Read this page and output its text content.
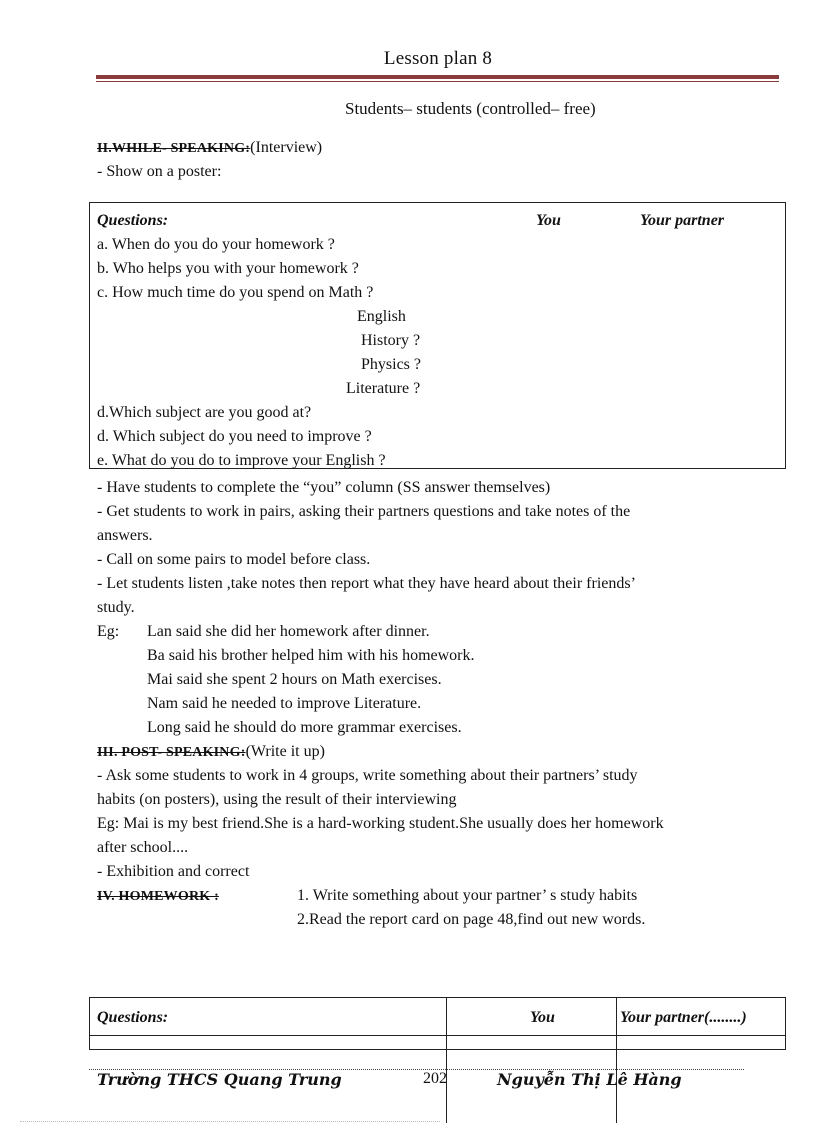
Lesson plan 8
Students– students (controlled– free)
II.WHILE- SPEAKING:(Interview)
- Show on a poster:
Questions:	You	Your partner
a. When do you do your homework ?
b. Who helps you with your homework ?
c. How much time do you spend on Math ?
English
History ?
Physics ?
Literature ?
d.Which subject are you good at?
d. Which subject do you need to improve ?
e. What do you do to improve your English ?
- Have students to complete the “you” column (SS answer themselves)
- Get students to work in pairs, asking their partners questions and take notes of the
answers.
- Call on some pairs to model before class.
- Let students listen ,take notes then report what they have heard about their friends’
study.
Eg: Lan said she did her homework after dinner.
Ba said his brother helped him with his homework.
Mai said she spent 2 hours on Math exercises.
Nam said he needed to improve Literature.
Long said he should do more grammar exercises.
III. POST- SPEAKING:(Write it up)
- Ask some students to work in 4 groups, write something about their partners’ study
habits (on posters), using the result of their interviewing
Eg: Mai is my best friend.She is a hard-working student.She usually does her homework
after school....
- Exhibition and correct
IV. HOMEWORK :	1. Write something about your partner’ s study habits
2.Read the report card on page 48,find out new words.
Questions:	You	Your partner(........)
Trường THCS Quang Trung	202	Nguyễn Thị Lê Hàng
